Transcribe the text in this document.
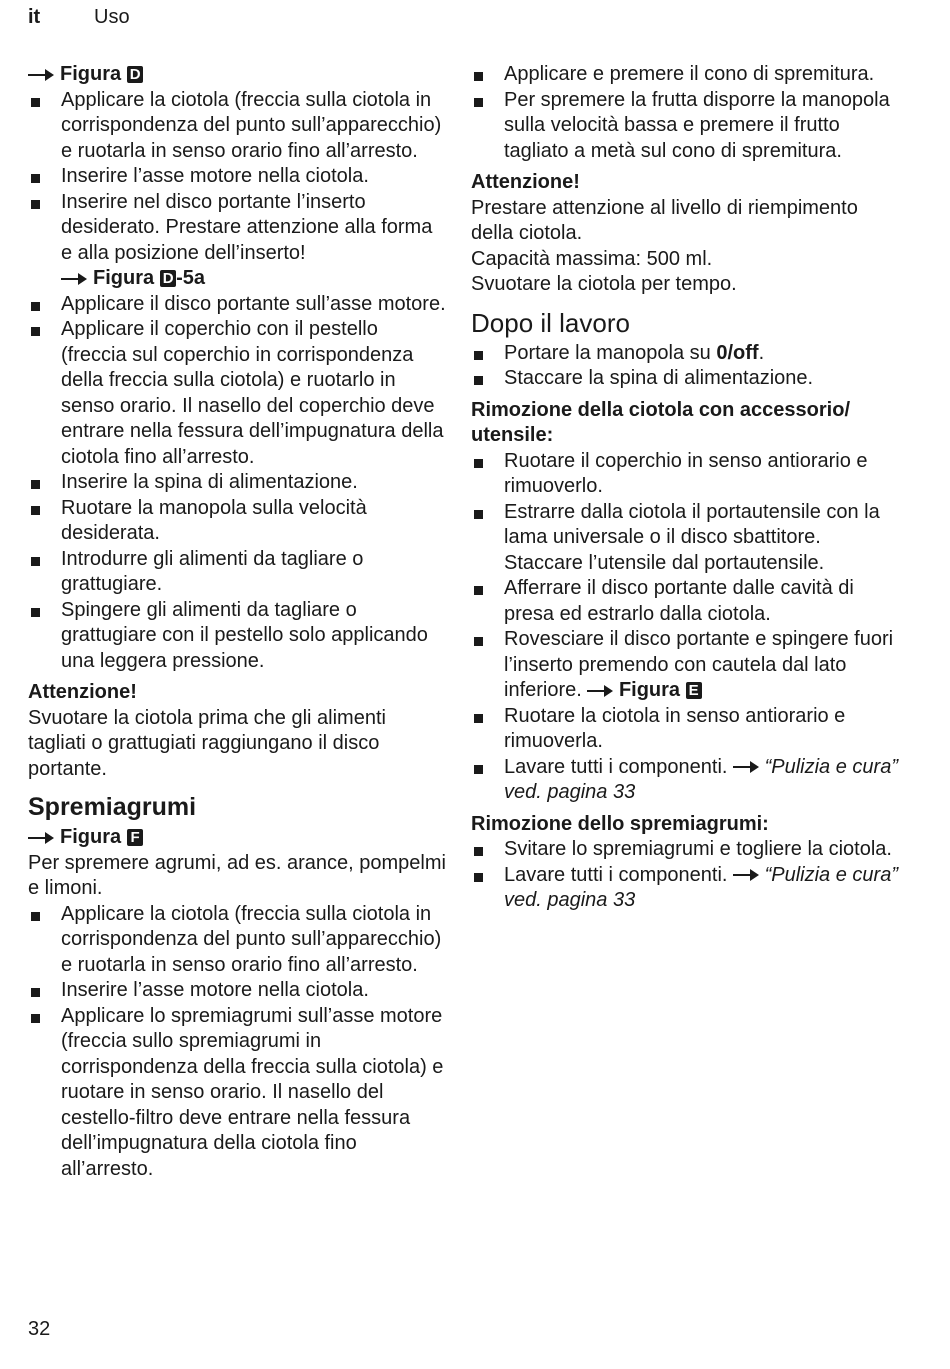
it	Uso
Figura D
Applicare la ciotola (freccia sulla ciotola in corrispondenza del punto sull’apparecchio) e ruotarla in senso orario fino all’arresto.
Inserire l’asse motore nella ciotola.
Inserire nel disco portante l’inserto desiderato. Prestare attenzione alla forma e alla posizione dell’inserto!
Figura D -5a
Applicare il disco portante sull’asse motore.
Applicare il coperchio con il pestello (freccia sul coperchio in corrispondenza della freccia sulla ciotola) e ruotarlo in senso orario. Il nasello del coperchio deve entrare nella fessura dell’impugnatura della ciotola fino all’arresto.
Inserire la spina di alimentazione.
Ruotare la manopola sulla velocità desiderata.
Introdurre gli alimenti da tagliare o grattugiare.
Spingere gli alimenti da tagliare o grattugiare con il pestello solo applicando una leggera pressione.
Attenzione!
Svuotare la ciotola prima che gli alimenti tagliati o grattugiati raggiungano il disco portante.
Spremiagrumi
Figura F
Per spremere agrumi, ad es. arance, pompelmi e limoni.
Applicare la ciotola (freccia sulla ciotola in corrispondenza del punto sull’apparecchio) e ruotarla in senso orario fino all’arresto.
Inserire l’asse motore nella ciotola.
Applicare lo spremiagrumi sull’asse motore (freccia sullo spremiagrumi in corrispondenza della freccia sulla ciotola) e ruotare in senso orario. Il nasello del cestello-filtro deve entrare nella fessura dell’impugnatura della ciotola fino all’arresto.
Applicare e premere il cono di spremitura.
Per spremere la frutta disporre la manopola sulla velocità bassa e premere il frutto tagliato a metà sul cono di spremitura.
Attenzione!
Prestare attenzione al livello di riempimento della ciotola.
Capacità massima: 500 ml.
Svuotare la ciotola per tempo.
Dopo il lavoro
Portare la manopola su 0/off.
Staccare la spina di alimentazione.
Rimozione della ciotola con accessorio/ utensile:
Ruotare il coperchio in senso antiorario e rimuoverlo.
Estrarre dalla ciotola il portautensile con la lama universale o il disco sbattitore. Staccare l’utensile dal portautensile.
Afferrare il disco portante dalle cavità di presa ed estrarlo dalla ciotola.
Rovesciare il disco portante e spingere fuori l’inserto premendo con cautela dal lato inferiore. Figura E
Ruotare la ciotola in senso antiorario e rimuoverla.
Lavare tutti i componenti. “Pulizia e cura” ved. pagina 33
Rimozione dello spremiagrumi:
Svitare lo spremiagrumi e togliere la ciotola.
Lavare tutti i componenti. “Pulizia e cura” ved. pagina 33
32
